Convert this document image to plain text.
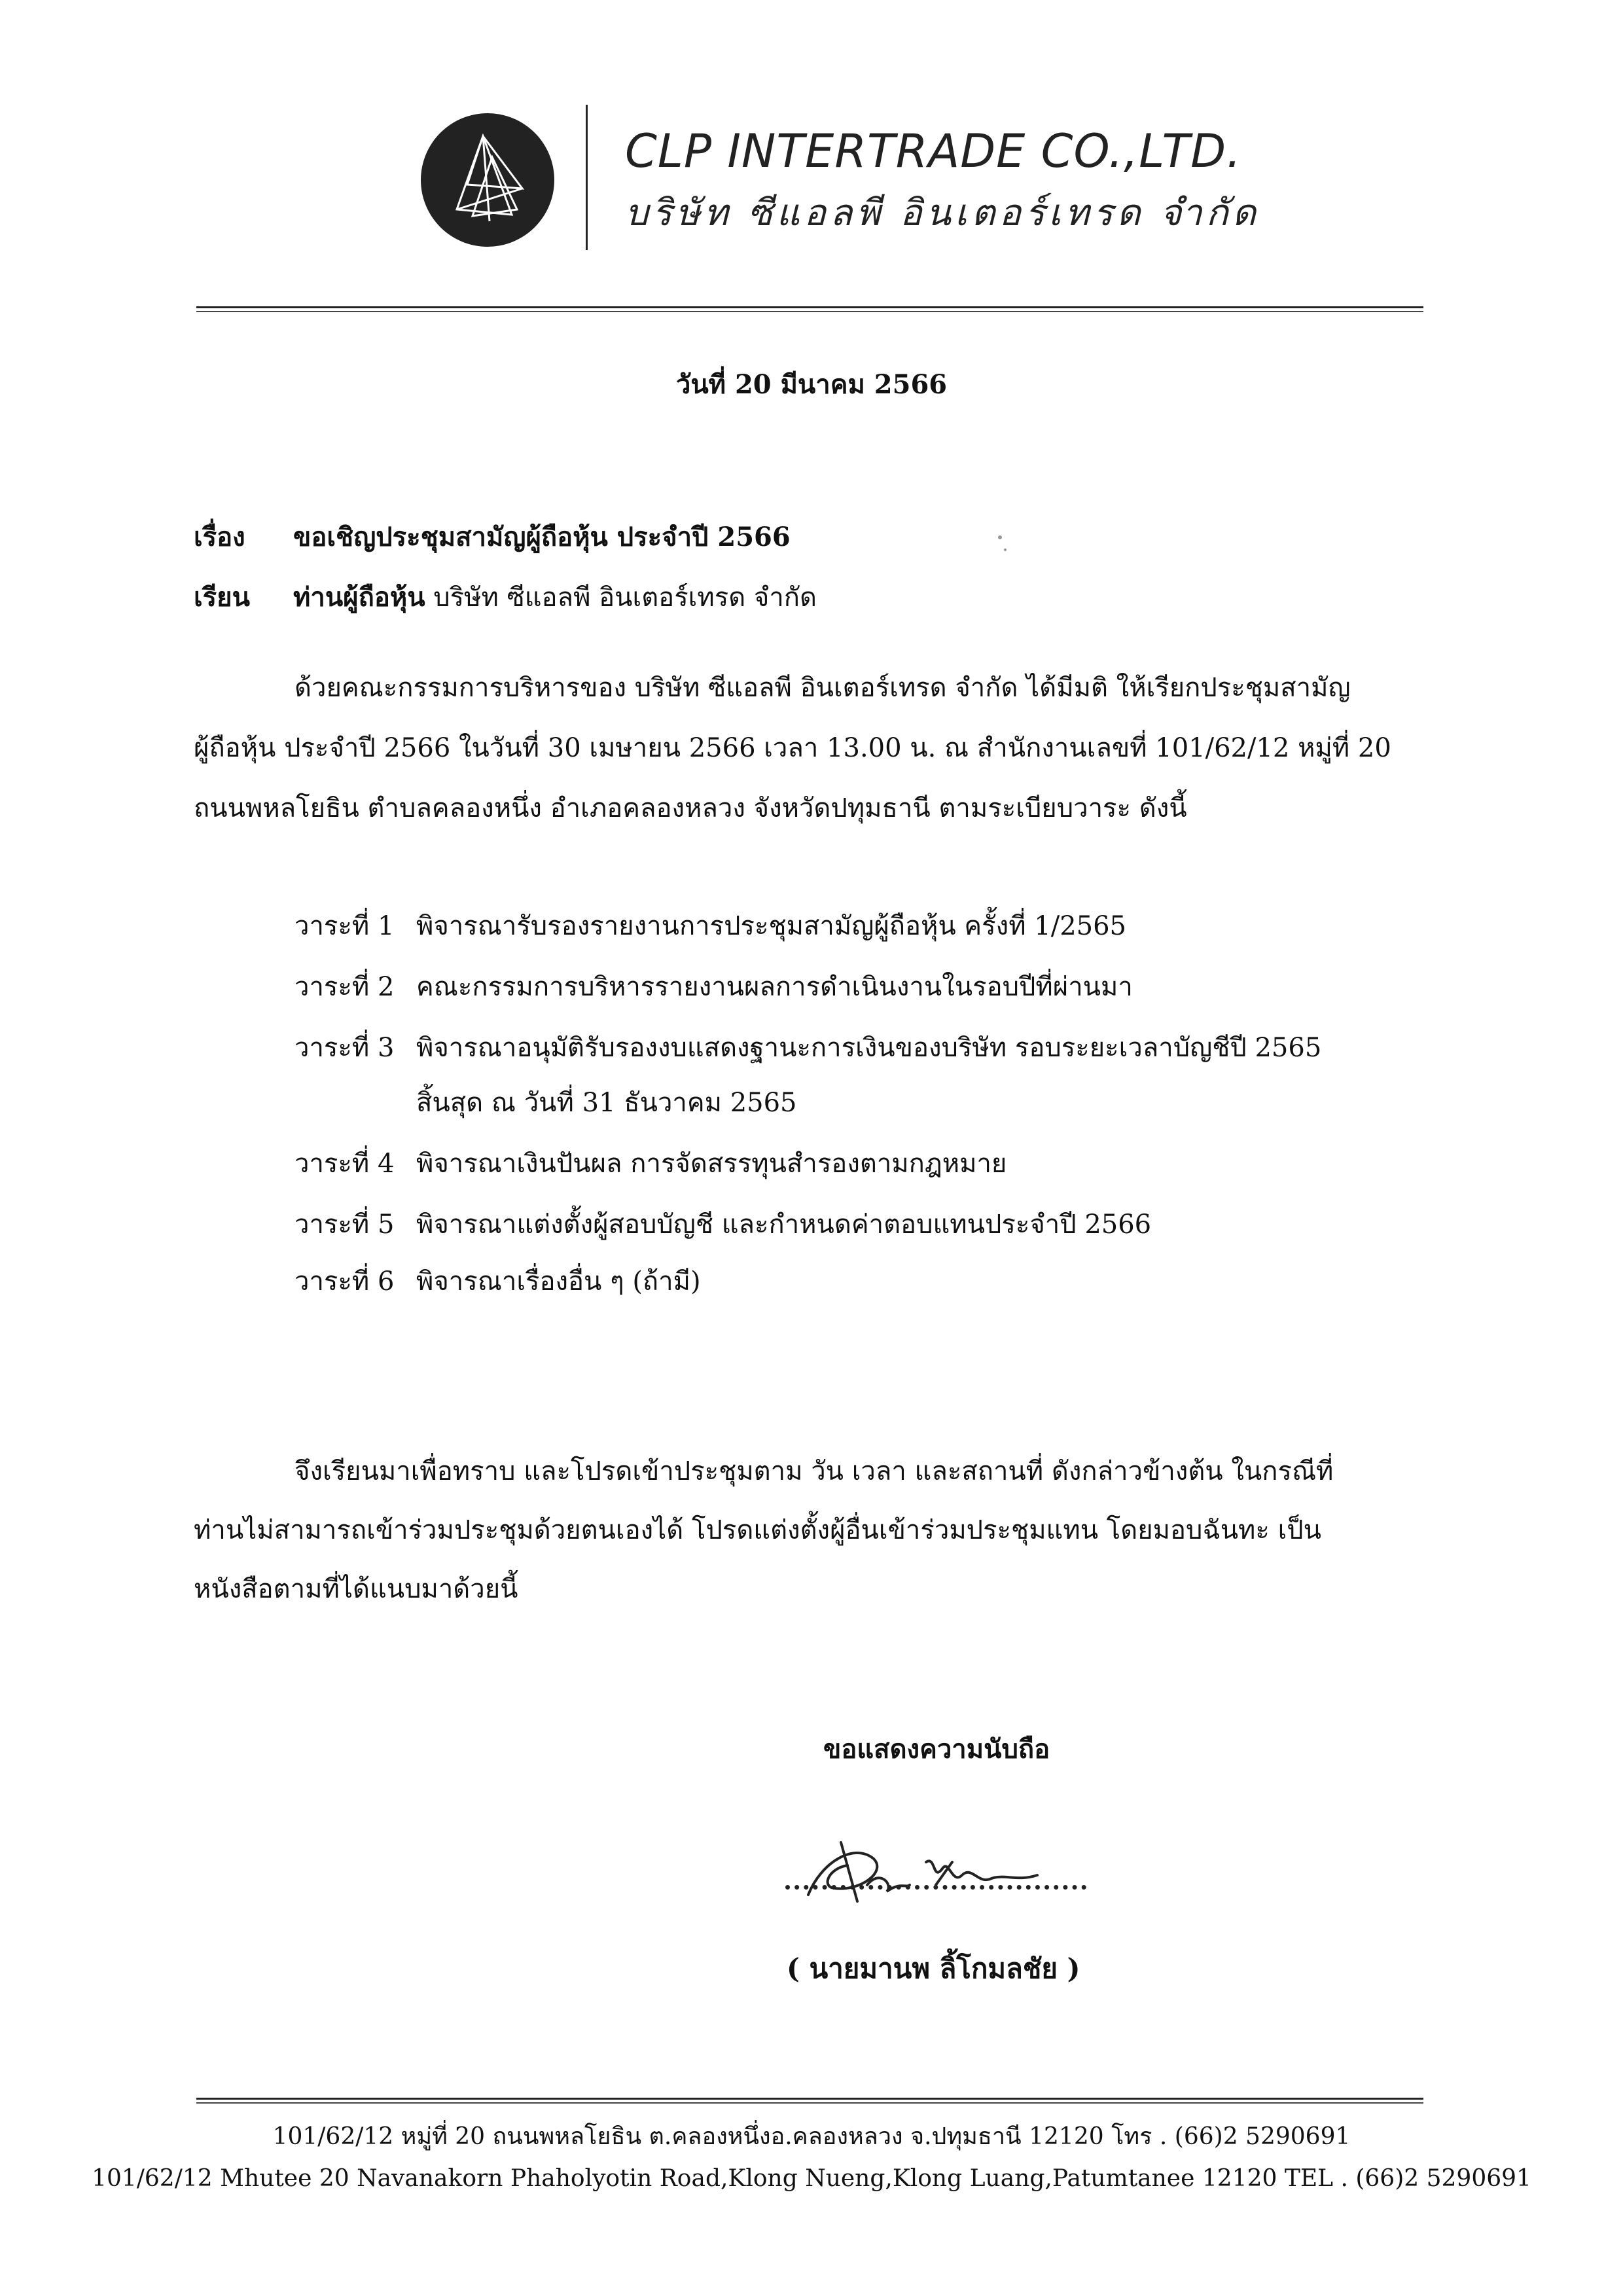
CLP INTERTRADE CO.,LTD.
บริษัท ซีแอลพี อินเตอร์เทรด จำกัด
วันที่ 20 มีนาคม 2566
เรื่อง ขอเชิญประชุมสามัญผู้ถือหุ้น ประจำปี 2566
เรียน ท่านผู้ถือหุ้น บริษัท ซีแอลพี อินเตอร์เทรด จำกัด
ด้วยคณะกรรมการบริหารของ บริษัท ซีแอลพี อินเตอร์เทรด จำกัด ได้มีมติ ให้เรียกประชุมสามัญ
ผู้ถือหุ้น ประจำปี 2566 ในวันที่ 30 เมษายน 2566 เวลา 13.00 น. ณ สำนักงานเลขที่ 101/62/12 หมู่ที่ 20
ถนนพหลโยธิน ตำบลคลองหนึ่ง อำเภอคลองหลวง จังหวัดปทุมธานี ตามระเบียบวาระ ดังนี้
วาระที่ 1 พิจารณารับรองรายงานการประชุมสามัญผู้ถือหุ้น ครั้งที่ 1/2565
วาระที่ 2 คณะกรรมการบริหารรายงานผลการดำเนินงานในรอบปีที่ผ่านมา
วาระที่ 3 พิจารณาอนุมัติรับรองงบแสดงฐานะการเงินของบริษัท รอบระยะเวลาบัญชีปี 2565
สิ้นสุด ณ วันที่ 31 ธันวาคม 2565
วาระที่ 4 พิจารณาเงินปันผล การจัดสรรทุนสำรองตามกฎหมาย
วาระที่ 5 พิจารณาแต่งตั้งผู้สอบบัญชี และกำหนดค่าตอบแทนประจำปี 2566
วาระที่ 6 พิจารณาเรื่องอื่น ๆ (ถ้ามี)
จึงเรียนมาเพื่อทราบ และโปรดเข้าประชุมตาม วัน เวลา และสถานที่ ดังกล่าวข้างต้น ในกรณีที่
ท่านไม่สามารถเข้าร่วมประชุมด้วยตนเองได้ โปรดแต่งตั้งผู้อื่นเข้าร่วมประชุมแทน โดยมอบฉันทะ เป็น
หนังสือตามที่ได้แนบมาด้วยนี้
ขอแสดงความนับถือ
( นายมานพ ลิ้โกมลชัย )
101/62/12 หมู่ที่ 20 ถนนพหลโยธิน ต.คลองหนึ่งอ.คลองหลวง จ.ปทุมธานี 12120 โทร . (66)2 5290691
101/62/12 Mhutee 20 Navanakorn Phaholyotin Road,Klong Nueng,Klong Luang,Patumtanee 12120 TEL . (66)2 5290691
